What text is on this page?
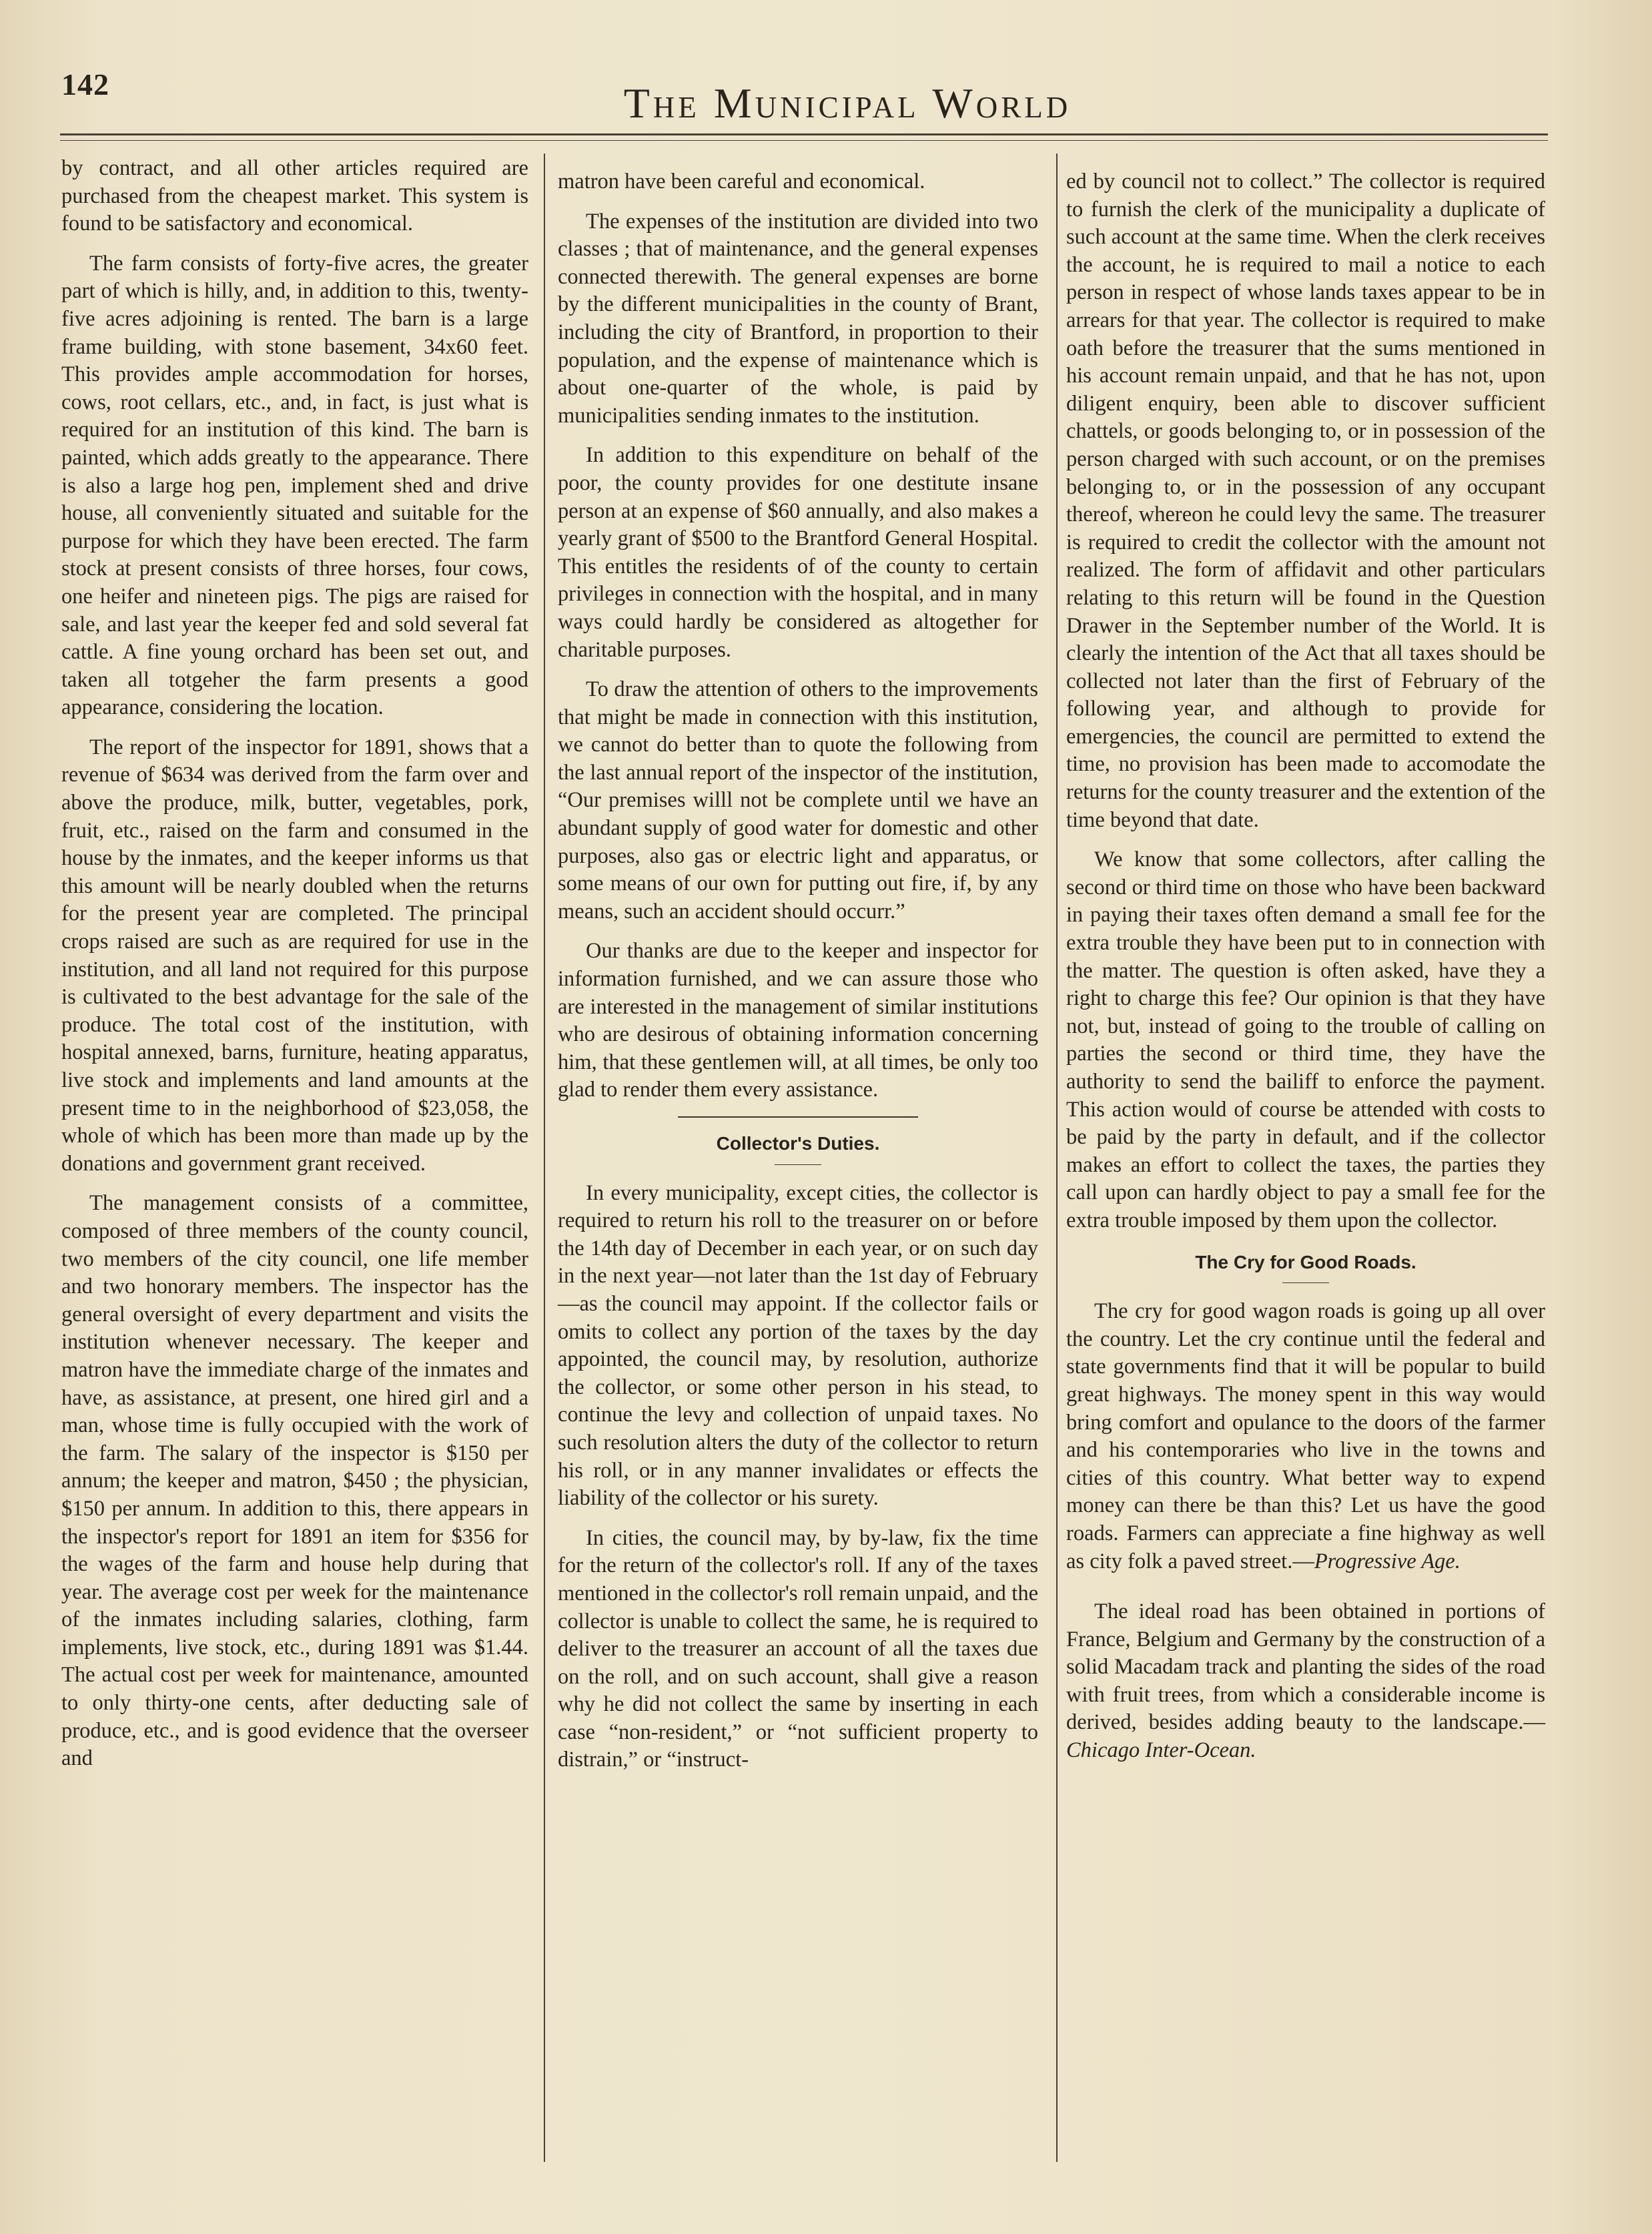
142	The Municipal World

by contract, and all other articles required are purchased from the cheapest market. This system is found to be satisfactory and economical.

The farm consists of forty-five acres, the greater part of which is hilly, and, in addition to this, twenty-five acres adjoining is rented. The barn is a large frame building, with stone basement, 34x60 feet. This provides ample accommodation for horses, cows, root cellars, etc., and, in fact, is just what is required for an institution of this kind. The barn is painted, which adds greatly to the appearance. There is also a large hog pen, implement shed and drive house, all conveniently situated and suitable for the purpose for which they have been erected. The farm stock at present consists of three horses, four cows, one heifer and nineteen pigs. The pigs are raised for sale, and last year the keeper fed and sold several fat cattle. A fine young orchard has been set out, and taken all totgeher the farm presents a good appearance, considering the location.

The report of the inspector for 1891, shows that a revenue of $634 was derived from the farm over and above the produce, milk, butter, vegetables, pork, fruit, etc., raised on the farm and consumed in the house by the inmates, and the keeper informs us that this amount will be nearly doubled when the returns for the present year are completed. The principal crops raised are such as are required for use in the institution, and all land not required for this purpose is cultivated to the best advantage for the sale of the produce. The total cost of the institution, with hospital annexed, barns, furniture, heating apparatus, live stock and implements and land amounts at the present time to in the neighborhood of $23,058, the whole of which has been more than made up by the donations and government grant received.

The management consists of a committee, composed of three members of the county council, two members of the city council, one life member and two honorary members. The inspector has the general oversight of every department and visits the institution whenever necessary. The keeper and matron have the immediate charge of the inmates and have, as assistance, at present, one hired girl and a man, whose time is fully occupied with the work of the farm. The salary of the inspector is $150 per annum; the keeper and matron, $450 ; the physician, $150 per annum. In addition to this, there appears in the inspector's report for 1891 an item for $356 for the wages of the farm and house help during that year. The average cost per week for the maintenance of the inmates including salaries, clothing, farm implements, live stock, etc., during 1891 was $1.44. The actual cost per week for maintenance, amounted to only thirty-one cents, after deducting sale of produce, etc., and is good evidence that the overseer and

matron have been careful and economical.

The expenses of the institution are divided into two classes ; that of maintenance, and the general expenses connected therewith. The general expenses are borne by the different municipalities in the county of Brant, including the city of Brantford, in proportion to their population, and the expense of maintenance which is about one-quarter of the whole, is paid by municipalities sending inmates to the institution.

In addition to this expenditure on behalf of the poor, the county provides for one destitute insane person at an expense of $60 annually, and also makes a yearly grant of $500 to the Brantford General Hospital. This entitles the residents of of the county to certain privileges in connection with the hospital, and in many ways could hardly be considered as altogether for charitable purposes.

To draw the attention of others to the improvements that might be made in connection with this institution, we cannot do better than to quote the following from the last annual report of the inspector of the institution, “Our premises willl not be complete until we have an abundant supply of good water for domestic and other purposes, also gas or electric light and apparatus, or some means of our own for putting out fire, if, by any means, such an accident should occurr.”

Our thanks are due to the keeper and inspector for information furnished, and we can assure those who are interested in the management of similar institutions who are desirous of obtaining information concerning him, that these gentlemen will, at all times, be only too glad to render them every assistance.

Collector's Duties.

In every municipality, except cities, the collector is required to return his roll to the treasurer on or before the 14th day of December in each year, or on such day in the next year—not later than the 1st day of February—as the council may appoint. If the collector fails or omits to collect any portion of the taxes by the day appointed, the council may, by resolution, authorize the collector, or some other person in his stead, to continue the levy and collection of unpaid taxes. No such resolution alters the duty of the collector to return his roll, or in any manner invalidates or effects the liability of the collector or his surety.

In cities, the council may, by by-law, fix the time for the return of the collector's roll. If any of the taxes mentioned in the collector's roll remain unpaid, and the collector is unable to collect the same, he is required to deliver to the treasurer an account of all the taxes due on the roll, and on such account, shall give a reason why he did not collect the same by inserting in each case “non-resident,” or “not sufficient property to distrain,” or “instruct-

ed by council not to collect.” The collector is required to furnish the clerk of the municipality a duplicate of such account at the same time. When the clerk receives the account, he is required to mail a notice to each person in respect of whose lands taxes appear to be in arrears for that year. The collector is required to make oath before the treasurer that the sums mentioned in his account remain unpaid, and that he has not, upon diligent enquiry, been able to discover sufficient chattels, or goods belonging to, or in possession of the person charged with such account, or on the premises belonging to, or in the possession of any occupant thereof, whereon he could levy the same. The treasurer is required to credit the collector with the amount not realized. The form of affidavit and other particulars relating to this return will be found in the Question Drawer in the September number of the World. It is clearly the intention of the Act that all taxes should be collected not later than the first of February of the following year, and although to provide for emergencies, the council are permitted to extend the time, no provision has been made to accomodate the returns for the county treasurer and the extention of the time beyond that date.

We know that some collectors, after calling the second or third time on those who have been backward in paying their taxes often demand a small fee for the extra trouble they have been put to in connection with the matter. The question is often asked, have they a right to charge this fee? Our opinion is that they have not, but, instead of going to the trouble of calling on parties the second or third time, they have the authority to send the bailiff to enforce the payment. This action would of course be attended with costs to be paid by the party in default, and if the collector makes an effort to collect the taxes, the parties they call upon can hardly object to pay a small fee for the extra trouble imposed by them upon the collector.

The Cry for Good Roads.

The cry for good wagon roads is going up all over the country. Let the cry continue until the federal and state governments find that it will be popular to build great highways. The money spent in this way would bring comfort and opulance to the doors of the farmer and his contemporaries who live in the towns and cities of this country. What better way to expend money can there be than this? Let us have the good roads. Farmers can appreciate a fine highway as well as city folk a paved street.—Progressive Age.

The ideal road has been obtained in portions of France, Belgium and Germany by the construction of a solid Macadam track and planting the sides of the road with fruit trees, from which a considerable income is derived, besides adding beauty to the landscape.—Chicago Inter-Ocean.
